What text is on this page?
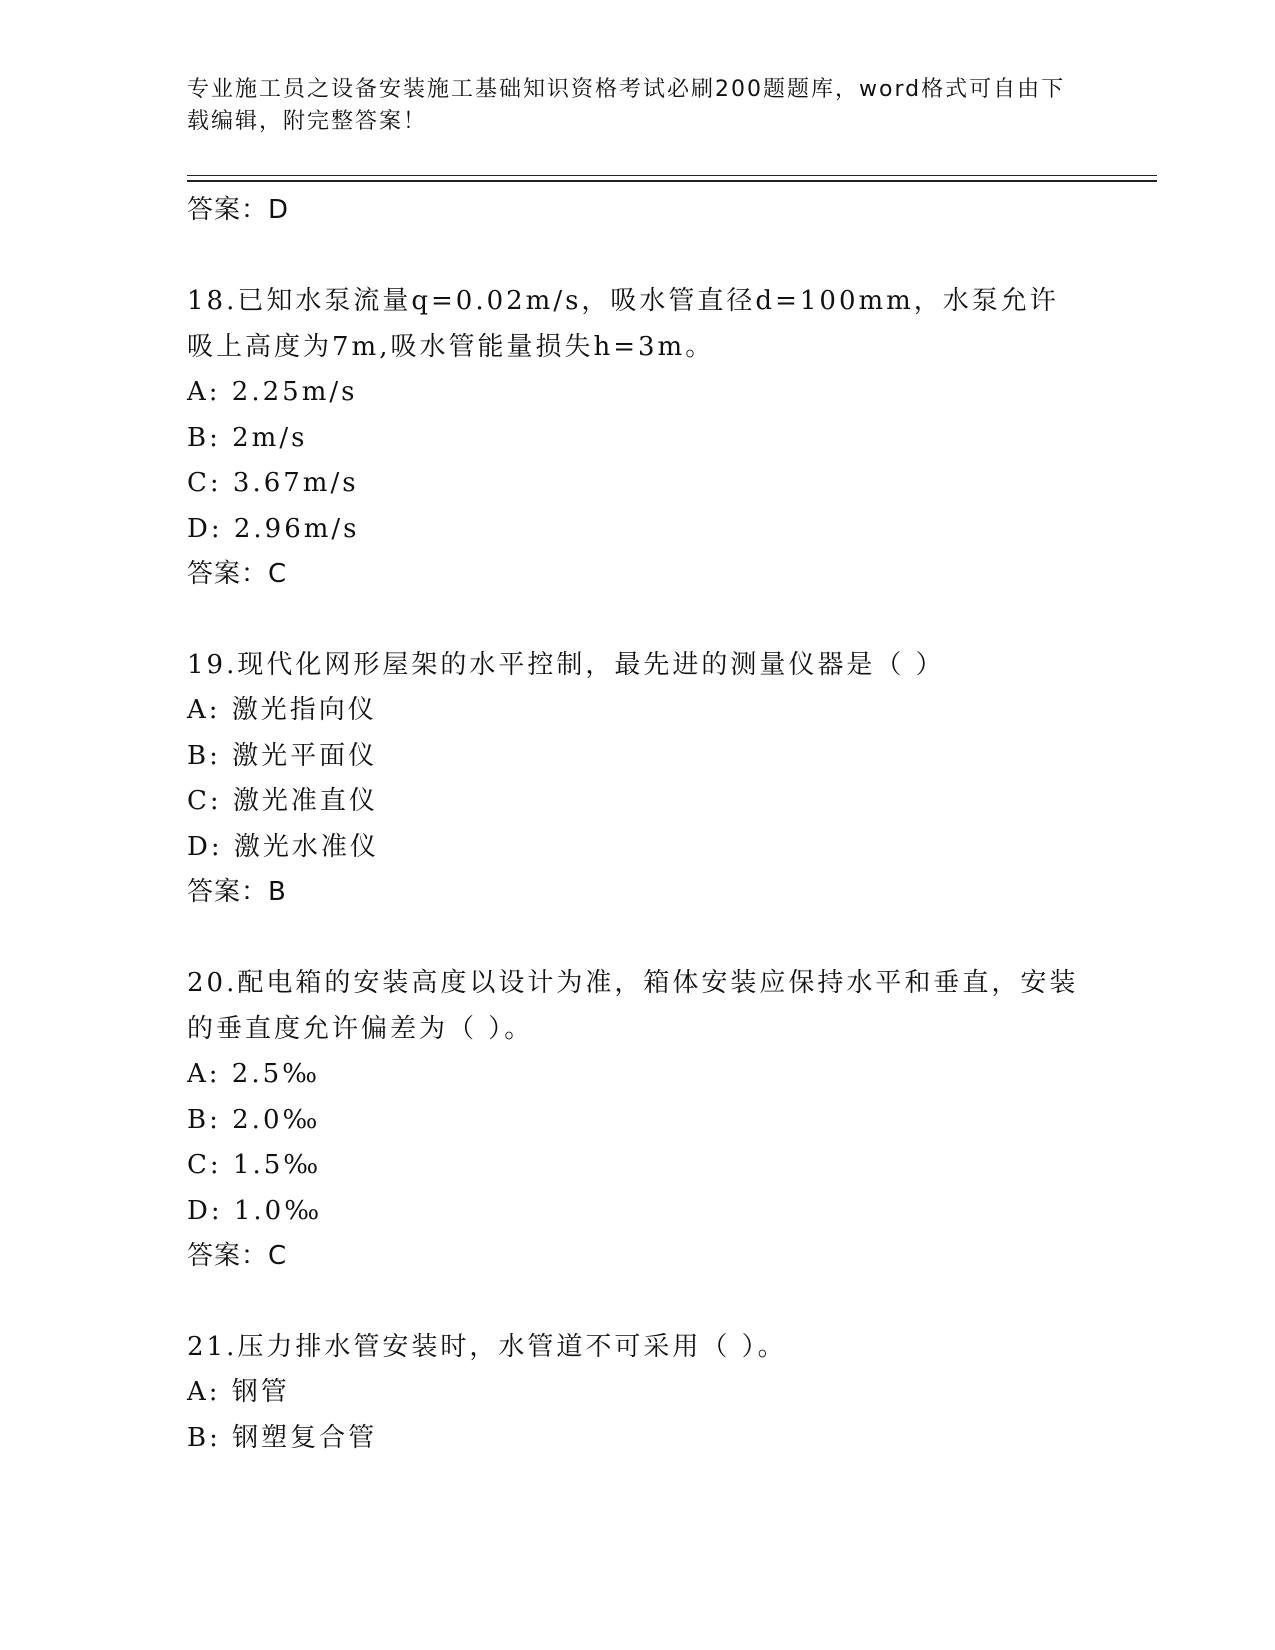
专业施工员之设备安装施工基础知识资格考试必刷200题题库，word格式可自由下载编辑，附完整答案！

答案：D

18.已知水泵流量q=0.02m/s，吸水管直径d=100mm，水泵允许吸上高度为7m,吸水管能量损失h=3m。

A: 2.25m/s

B: 2m/s

C: 3.67m/s

D: 2.96m/s

答案：C

19.现代化网形屋架的水平控制，最先进的测量仪器是（ ）

A: 激光指向仪

B: 激光平面仪

C: 激光准直仪

D: 激光水准仪

答案：B

20.配电箱的安装高度以设计为准，箱体安装应保持水平和垂直，安装的垂直度允许偏差为（ ）。

A: 2.5‰

B: 2.0‰

C: 1.5‰

D: 1.0‰

答案：C

21.压力排水管安装时，水管道不可采用（ ）。

A: 钢管

B: 钢塑复合管
